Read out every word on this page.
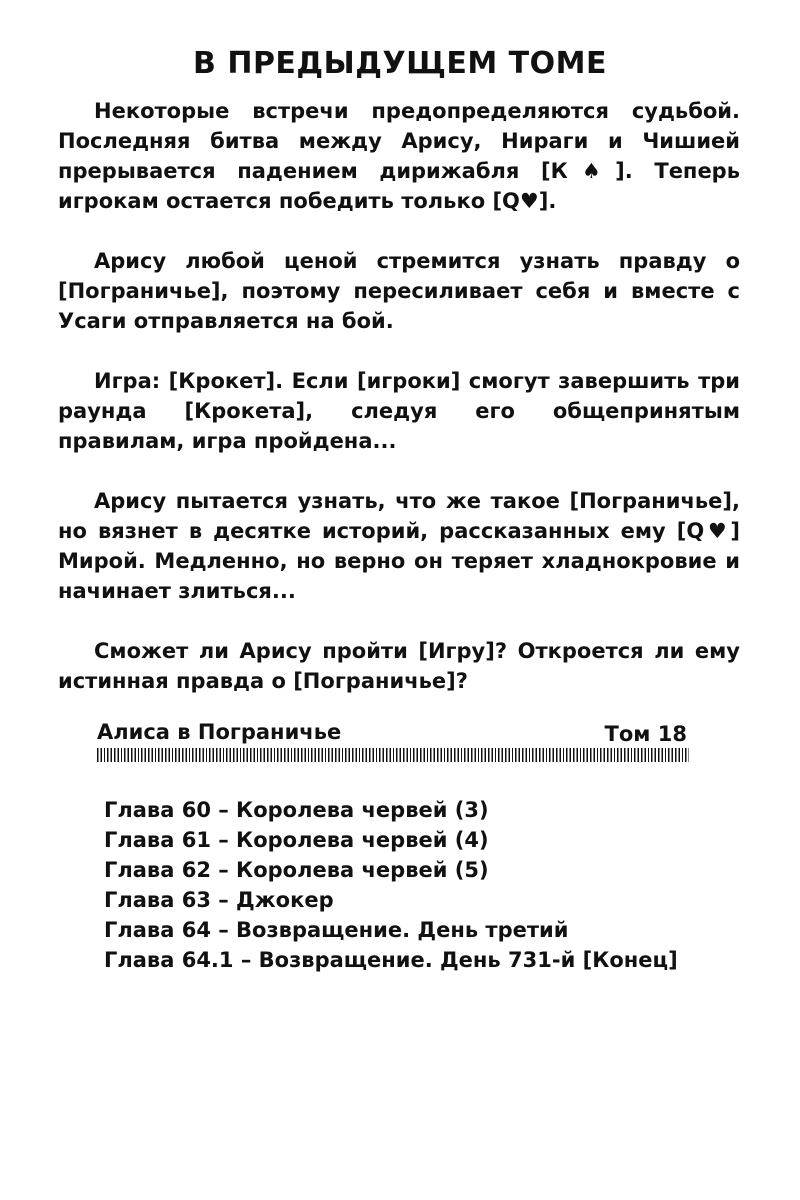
В ПРЕДЫДУЩЕМ ТОМЕ

Некоторые встречи предопределяются судьбой. Последняя битва между Арису, Нираги и Чишией прерывается падением дирижабля [К♠]. Теперь игрокам остается победить только [Q♥].

Арису любой ценой стремится узнать правду о [Пограничье], поэтому пересиливает себя и вместе с Усаги отправляется на бой.

Игра: [Крокет]. Если [игроки] смогут завершить три раунда [Крокета], следуя его общепринятым правилам, игра пройдена...

Арису пытается узнать, что же такое [Пограничье], но вязнет в десятке историй, рассказанных ему [Q♥] Мирой. Медленно, но верно он теряет хладнокровие и начинает злиться...

Сможет ли Арису пройти [Игру]? Откроется ли ему истинная правда о [Пограничье]?

Алиса в Пограничье	Том 18
Глава 60 – Королева червей (3)
Глава 61 – Королева червей (4)
Глава 62 – Королева червей (5)
Глава 63 – Джокер
Глава 64 – Возвращение. День третий
Глава 64.1 – Возвращение. День 731-й [Конец]
